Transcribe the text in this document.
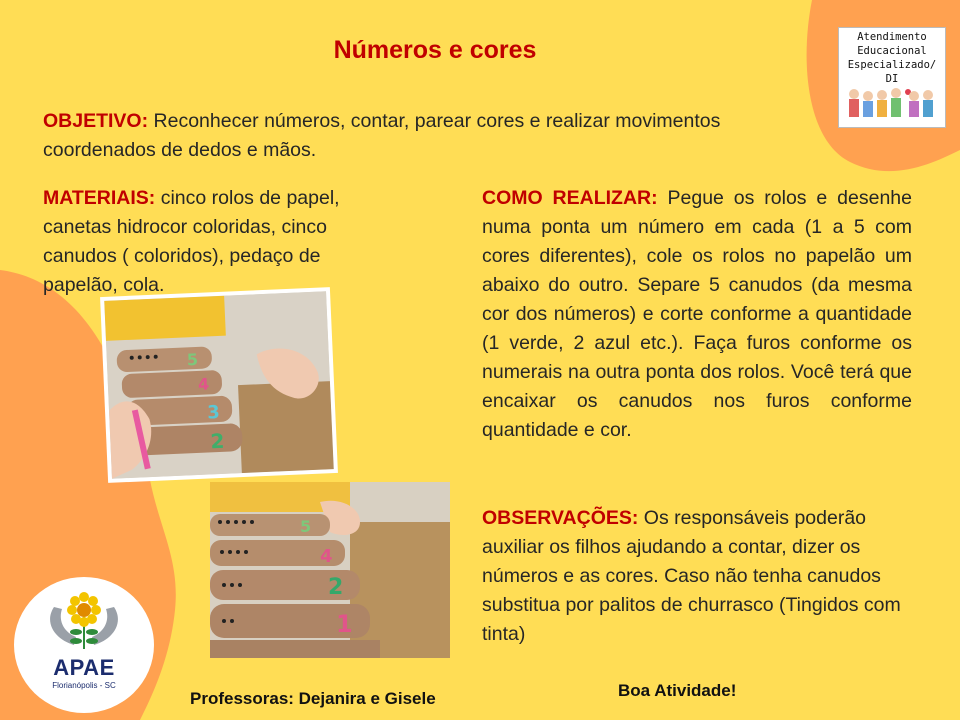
Números e cores

OBJETIVO: Reconhecer números, contar, parear cores e realizar movimentos coordenados de dedos e mãos.

MATERIAIS: cinco rolos de papel, canetas hidrocor coloridas, cinco canudos ( coloridos), pedaço de papelão, cola.

COMO REALIZAR: Pegue os rolos e desenhe numa ponta um número em cada (1 a 5 com cores diferentes), cole os rolos no papelão um abaixo do outro. Separe 5 canudos (da mesma cor dos números) e corte conforme a quantidade (1 verde, 2 azul etc.). Faça furos conforme os numerais na outra ponta dos rolos. Você terá que encaixar os canudos nos furos conforme quantidade e cor.

OBSERVAÇÕES: Os responsáveis poderão auxiliar os filhos ajudando a contar, dizer os números e as cores. Caso não tenha canudos substitua por palitos de churrasco (Tingidos com tinta)

5
4
3
2
5
4
2
1
Atendimento
Educacional
Especializado/ DI
APAE
Florianópolis - SC

Professoras: Dejanira e Gisele	Boa Atividade!
